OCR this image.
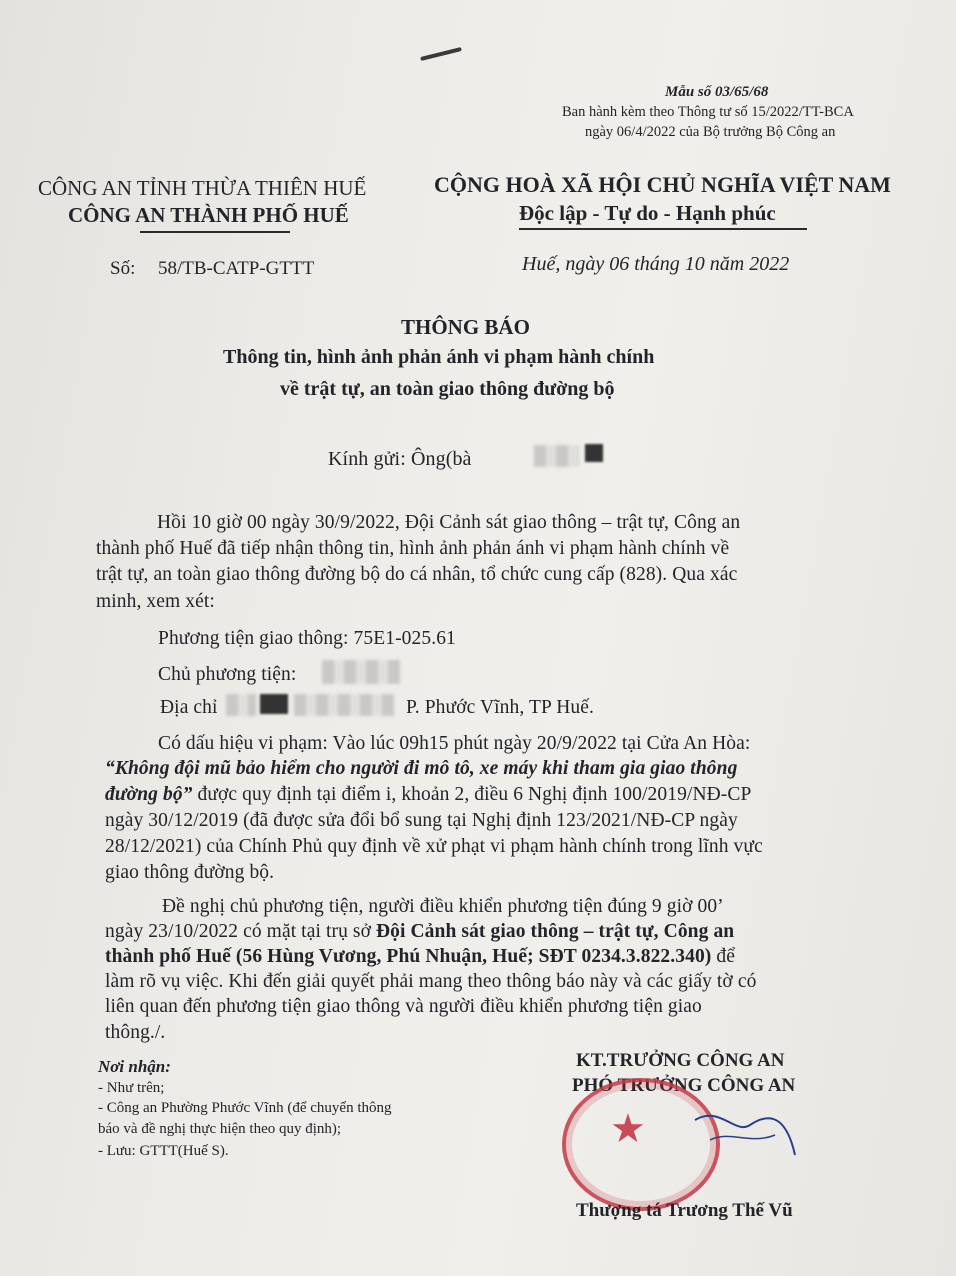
Mẫu số 03/65/68
Ban hành kèm theo Thông tư số 15/2022/TT-BCA
ngày 06/4/2022 của Bộ trưởng Bộ Công an
CÔNG AN TỈNH THỪA THIÊN HUẾ
CÔNG AN THÀNH PHỐ HUẾ
Số: 58/TB-CATP-GTTT
CỘNG HOÀ XÃ HỘI CHỦ NGHĨA VIỆT NAM
Độc lập - Tự do - Hạnh phúc
Huế, ngày 06 tháng 10 năm 2022
THÔNG BÁO
Thông tin, hình ảnh phản ánh vi phạm hành chính
về trật tự, an toàn giao thông đường bộ
Kính gửi: Ông(bà
Hồi 10 giờ 00 ngày 30/9/2022, Đội Cảnh sát giao thông – trật tự, Công an
thành phố Huế đã tiếp nhận thông tin, hình ảnh phản ánh vi phạm hành chính về
trật tự, an toàn giao thông đường bộ do cá nhân, tổ chức cung cấp (828). Qua xác
minh, xem xét:
Phương tiện giao thông: 75E1-025.61
Chủ phương tiện:
Địa chỉ	P. Phước Vĩnh, TP Huế.
Có dấu hiệu vi phạm: Vào lúc 09h15 phút ngày 20/9/2022 tại Cửa An Hòa:
“Không đội mũ bảo hiểm cho người đi mô tô, xe máy khi tham gia giao thông
đường bộ” được quy định tại điểm i, khoản 2, điều 6 Nghị định 100/2019/NĐ-CP
ngày 30/12/2019 (đã được sửa đổi bổ sung tại Nghị định 123/2021/NĐ-CP ngày
28/12/2021) của Chính Phủ quy định về xử phạt vi phạm hành chính trong lĩnh vực
giao thông đường bộ.
Đề nghị chủ phương tiện, người điều khiển phương tiện đúng 9 giờ 00’
ngày 23/10/2022 có mặt tại trụ sở Đội Cảnh sát giao thông – trật tự, Công an
thành phố Huế (56 Hùng Vương, Phú Nhuận, Huế; SĐT 0234.3.822.340) để
làm rõ vụ việc. Khi đến giải quyết phải mang theo thông báo này và các giấy tờ có
liên quan đến phương tiện giao thông và người điều khiển phương tiện giao
thông./.
Nơi nhận:
- Như trên;
- Công an Phường Phước Vĩnh (để chuyển thông
báo và đề nghị thực hiện theo quy định);
- Lưu: GTTT(Huế S).
KT.TRƯỞNG CÔNG AN
PHÓ TRƯỞNG CÔNG AN
★
Thượng tá Trương Thế Vũ
